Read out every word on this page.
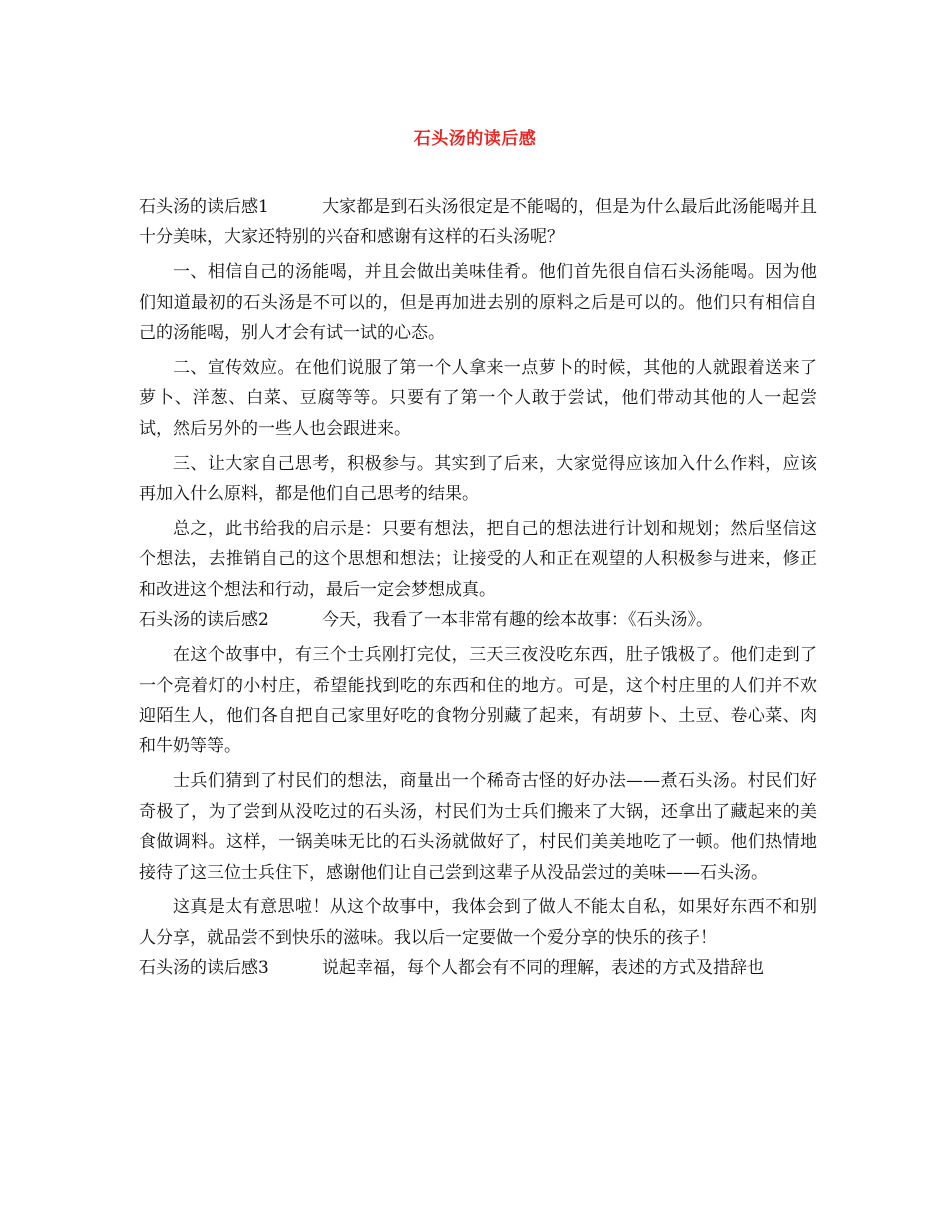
石头汤的读后感

石头汤的读后感1	大家都是到石头汤很定是不能喝的，但是为什么最后此汤能喝并且十分美味，大家还特别的兴奋和感谢有这样的石头汤呢？

一、相信自己的汤能喝，并且会做出美味佳肴。他们首先很自信石头汤能喝。因为他们知道最初的石头汤是不可以的，但是再加进去别的原料之后是可以的。他们只有相信自己的汤能喝，别人才会有试一试的心态。

二、宣传效应。在他们说服了第一个人拿来一点萝卜的时候，其他的人就跟着送来了萝卜、洋葱、白菜、豆腐等等。只要有了第一个人敢于尝试，他们带动其他的人一起尝试，然后另外的一些人也会跟进来。

三、让大家自己思考，积极参与。其实到了后来，大家觉得应该加入什么作料，应该再加入什么原料，都是他们自己思考的结果。

总之，此书给我的启示是：只要有想法，把自己的想法进行计划和规划；然后坚信这个想法，去推销自己的这个思想和想法；让接受的人和正在观望的人积极参与进来，修正和改进这个想法和行动，最后一定会梦想成真。

石头汤的读后感2	今天，我看了一本非常有趣的绘本故事：《石头汤》。

在这个故事中，有三个士兵刚打完仗，三天三夜没吃东西，肚子饿极了。他们走到了一个亮着灯的小村庄，希望能找到吃的东西和住的地方。可是，这个村庄里的人们并不欢迎陌生人，他们各自把自己家里好吃的食物分别藏了起来，有胡萝卜、土豆、卷心菜、肉和牛奶等等。

士兵们猜到了村民们的想法，商量出一个稀奇古怪的好办法——煮石头汤。村民们好奇极了，为了尝到从没吃过的石头汤，村民们为士兵们搬来了大锅，还拿出了藏起来的美食做调料。这样，一锅美味无比的石头汤就做好了，村民们美美地吃了一顿。他们热情地接待了这三位士兵住下，感谢他们让自己尝到这辈子从没品尝过的美味——石头汤。

这真是太有意思啦！从这个故事中，我体会到了做人不能太自私，如果好东西不和别人分享，就品尝不到快乐的滋味。我以后一定要做一个爱分享的快乐的孩子！

石头汤的读后感3	说起幸福，每个人都会有不同的理解，表述的方式及措辞也
